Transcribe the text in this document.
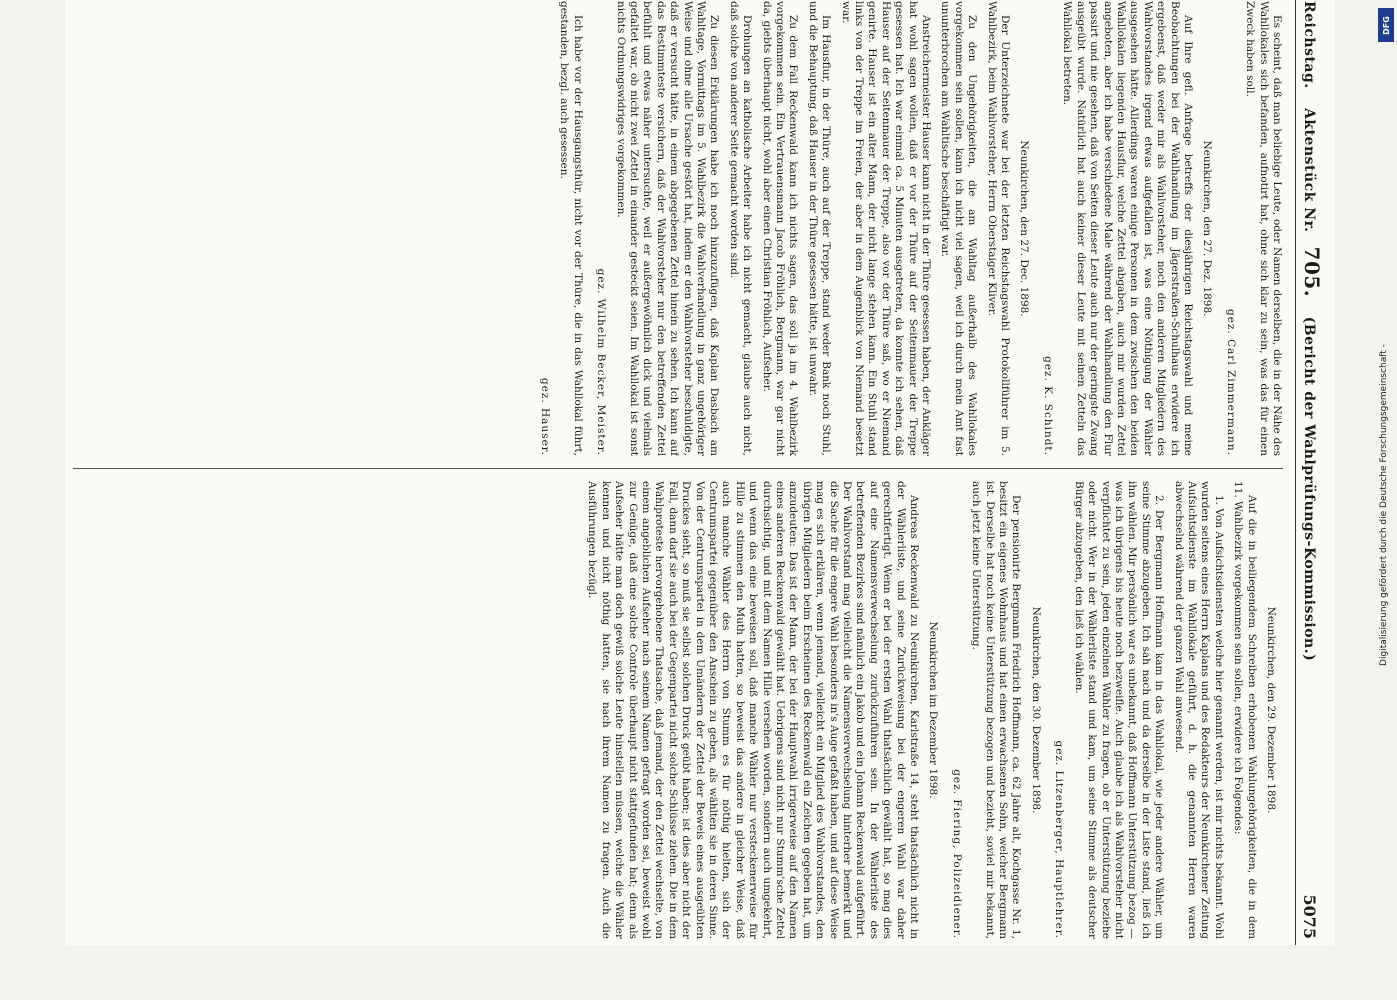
Reichstag. Aktenstück Nr.705. (Bericht der Wahlprüfungs-Kommission.)
5075

Es scheint, daß man beliebige Leute, oder Namen derselben, die in der Nähe des Wahllokales sich befanden, aufnotirt hat, ohne sich klar zu sein, was das für einen Zweck haben soll.

gez. Carl Zimmermann.

Neunkirchen, den 27. Dez. 1898.

Auf Ihre gefl. Anfrage betreffs der diesjährigen Reichstagswahl und meine Beobachtungen bei der Wahlhandlung im Jägerstraßen-Schulhaus erwidere ich ergebenst, daß weder mir als Wahlvorsteher, noch den anderen Mitgliedern des Wahlvorstandes irgend etwas aufgefallen ist, was eine Nöthigung der Wähler ausgesehen hätte. Allerdings waren einige Personen in dem zwischen den beiden Wahllokalen liegenden Hausflur, welche Zettel abgaben, auch mir wurden Zettel angeboten, aber ich habe verschiedene Male während der Wahlhandlung den Flur passirt und nie gesehen, daß von Seiten dieser Leute auch nur der geringste Zwang ausgeübt wurde. Natürlich hat auch keiner dieser Leute mit seinen Zetteln das Wahllokal betreten.

gez. K. Schindt.

Neunkirchen, den 27. Dec. 1898.

Der Unterzeichnete war bei der letzten Reichstagswahl Protokollführer im 5. Wahlbezirk, beim Wahlvorsteher, Herrn Oberstaiger Kliver.

Zu den Ungehörigkeiten, die am Wahltag außerhalb des Wahllokales vorgekommen sein sollen, kann ich nicht viel sagen, weil ich durch mein Amt fast ununterbrochen am Wahltische beschäftigt war.

Anstreichermeister Hauser kann nicht in der Thüre gesessen haben, der Ankläger hat wohl sagen wollen, daß er vor der Thüre auf der Seitenmauer der Treppe gesessen hat. Ich war einmal ca. 5 Minuten ausgetreten, da konnte ich sehen, daß Hauser auf der Seitenmauer der Treppe, also vor der Thüre saß, wo er Niemand genirte. Hauser ist ein alter Mann, der nicht lange stehen kann. Ein Stuhl stand links von der Treppe im Freien, der aber in dem Augenblick von Niemand besetzt war.

Im Hausflur, in der Thüre, auch auf der Treppe, stand weder Bank noch Stuhl, und die Behauptung, daß Hauser in der Thüre gesessen hätte, ist unwahr.

Zu dem Fall Reckenwald kann ich nichts sagen, das soll ja im 4. Wahlbezirk vorgekommen sein. Ein Vertrauensmann Jacob Fröhlich, Bergmann, war gar nicht da, giebts überhaupt nicht, wohl aber einen Christian Fröhlich, Aufseher.

Drohungen an katholische Arbeiter habe ich nicht gemacht, glaube auch nicht, daß solche von anderer Seite gemacht worden sind.

Zu diesen Erklärungen habe ich noch hinzuzufügen, daß Kaplan Dasbach am Wahltage, Vormittags im 5. Wahlbezirk die Wahlverhandlung in ganz ungehöriger Weise und ohne alle Ursache gestört hat, indem er den Wahlvorsteher beschuldigte, daß er versucht hätte, in einem abgegebenen Zettel hinein zu sehen. Ich kann auf das Bestimmteste versichern, daß der Wahlvorsteher nur den betreffenden Zettel befühlt und etwas näher untersuchte, weil er außergewöhnlich dick und vielmals gefaltet war, ob nicht zwei Zettel in einander gesteckt seien. Im Wahllokal ist sonst nichts Ordnungswidriges vorgekommen.

gez. Wilhelm Becker, Meister.

Ich habe vor der Hausgangsthür, nicht vor der Thüre, die in das Wahllokal führt, gestanden, bezgl. auch gesessen.

gez. Hauser.

Neunkirchen, den 29. Dezember 1898.

Auf die in beiliegendem Schreiben erhobenen Wahlungehörigkeiten, die in dem 11. Wahlbezirk vorgekommen sein sollen, erwidere ich Folgendes:

1. Von Aufsichtsdiensten welche hier genannt werden, ist mir nichts bekannt. Wohl wurden seitens eines Herrn Kaplans und des Redakteurs der Neunkirchener Zeitung Aufsichtsdienste im Wahllokale geführt, d. h. die genannten Herren waren abwechselnd während der ganzen Wahl anwesend.

2. Der Bergmann Hoffmann kam in das Wahllokal, wie jeder andere Wähler, um seine Stimme abzugeben. Ich sah nach und da derselbe in der Liste stand, ließ ich ihn wählen. Mir persönlich war es unbekannt, daß Hoffmann Unterstützung bezog — was ich übrigens bis heute noch bezweifle. Auch glaube ich als Wahlvorsteher nicht verpflichtet zu sein, jeden einzelnen Wähler zu fragen, ob er Unterstützung beziehe oder nicht. Wer in der Wählerliste stand und kam, um seine Stimme als deutscher Bürger abzugeben, den ließ ich wählen.

gez. Litzenberger, Hauptlehrer.

Neunkirchen, den 30. Dezember 1898.

Der pensionirte Bergmann Friedrich Hoffmann, ca. 62 Jahre alt, Kochgasse Nr. 1, besitzt ein eigenes Wohnhaus und hat einen erwachsenen Sohn, welcher Bergmann ist. Derselbe hat noch keine Unterstützung bezogen und bezieht, soviel mir bekannt, auch jetzt keine Unterstützung.

gez. Fiering, Polizeidiener.

Neunkirchen im Dezember 1898.

Andreas Reckenwald zu Neunkirchen, Karlstraße 14, steht thatsächlich nicht in der Wählerliste, und seine Zurückweisung bei der engeren Wahl war daher gerechtfertigt. Wenn er bei der ersten Wahl thatsächlich gewählt hat, so mag dies auf eine Namensverwechselung zurückzuführen sein. In der Wählerliste des betreffenden Bezirkes sind nämlich ein Jakob und ein Johann Reckenwald aufgeführt. Der Wahlvorstand mag vielleicht die Namensverwechselung hinterher bemerkt und die Sache für die engere Wahl besonders in's Auge gefaßt haben, und auf diese Weise mag es sich erklären, wenn jemand, vielleicht ein Mitglied des Wahlvorstandes, den übrigen Mitgliedern beim Erscheinen des Reckenwald ein Zeichen gegeben hat, um anzudeuten: Das ist der Mann, der bei der Hauptwahl irrigerweise auf den Namen eines anderen Reckenwald gewählt hat. Uebrigens sind nicht nur Stumm'sche Zettel durchsichtig, und mit dem Namen Hille versehen worden, sondern auch umgekehrt, und wenn das eine beweisen soll, daß manche Wähler nur versteckenerweise für Hille zu stimmen den Muth hatten, so beweist das andere in gleicher Weise, daß auch manche Wähler des Herrn von Stumm es für nöthig hielten, sich der Centrumspartei gegenüber den Anschein zu geben, als wählten sie in deren Sinne. Von der Centrumspartei in dem Umändern der Zettel der Beweis eines ausgeübten Druckes sieht, so muß sie selbst solchen Druck geübt haben; ist dies aber nicht der Fall, dann darf sie auch bei der Gegenpartei nicht solche Schlüsse ziehen. Die in dem Wahlproteste hervorgehobene Thatsache, daß jemand, der den Zettel wechselte, von einem angeblichen Aufseher nach seinem Namen gefragt worden sei, beweist wohl zur Genüge, daß eine solche Controle überhaupt nicht stattgefunden hat; denn als Aufseher hätte man doch gewiß solche Leute hinstellen müssen, welche die Wähler kennen und nicht nöthig hatten, sie nach ihrem Namen zu fragen. Auch die Ausführungen bezügl.

DFG
Digitalisierung gefördert durch die Deutsche Forschungsgemeinschaft -
